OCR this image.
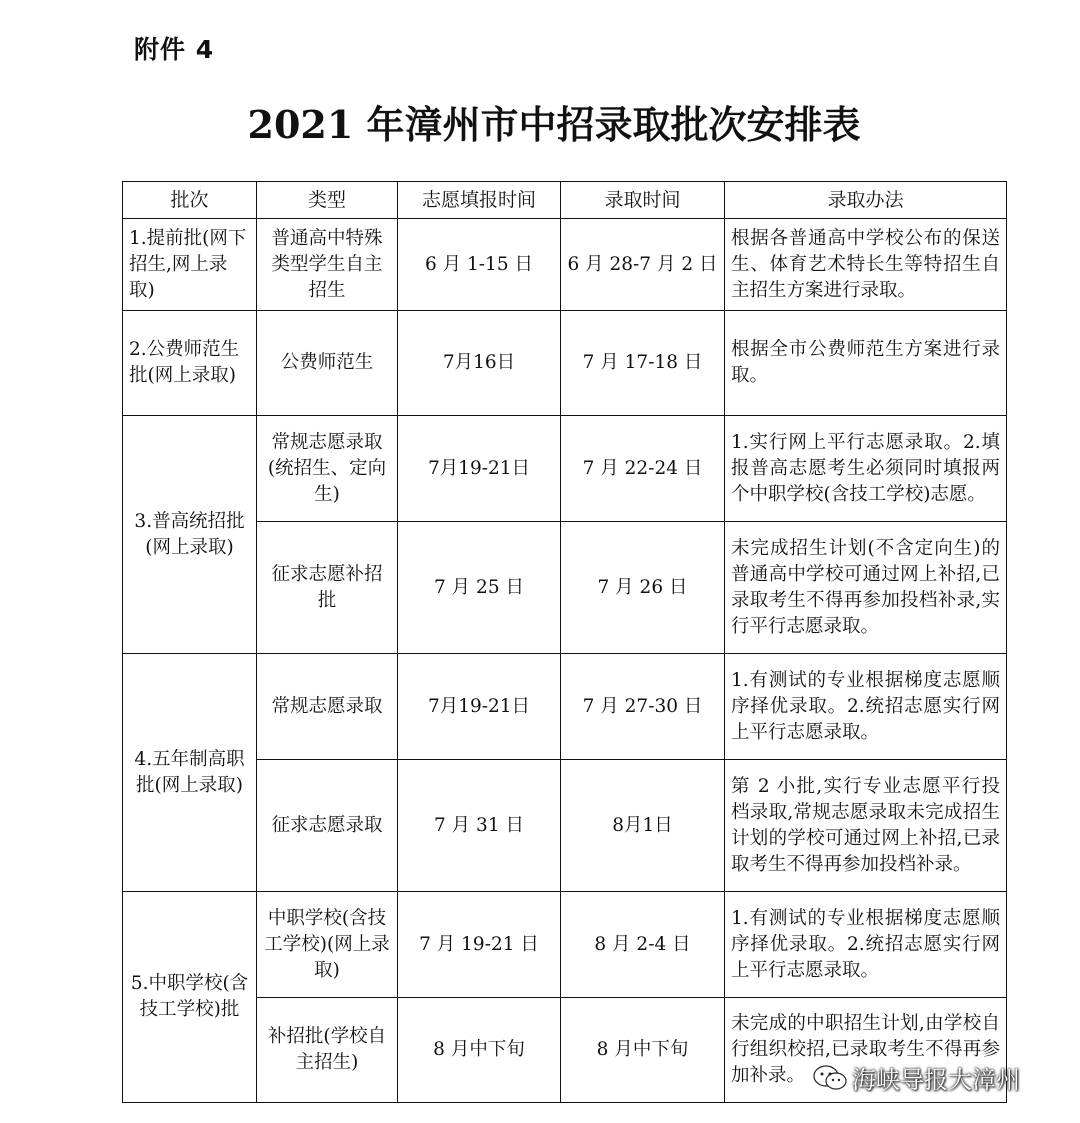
附件 4
2021 年漳州市中招录取批次安排表
批次	类型	志愿填报时间	录取时间	录取办法
1.提前批(网下招生,网上录取)	普通高中特殊类型学生自主招生	6 月 1-15 日	6 月 28-7 月 2 日	根据各普通高中学校公布的保送生、体育艺术特长生等特招生自主招生方案进行录取。
2.公费师范生批(网上录取)	公费师范生	7月16日	7 月 17-18 日	根据全市公费师范生方案进行录取。
3.普高统招批(网上录取)	常规志愿录取(统招生、定向生)	7月19-21日	7 月 22-24 日	1.实行网上平行志愿录取。2.填报普高志愿考生必须同时填报两个中职学校(含技工学校)志愿。
	征求志愿补招批	7 月 25 日	7 月 26 日	未完成招生计划(不含定向生)的普通高中学校可通过网上补招,已录取考生不得再参加投档补录,实行平行志愿录取。
4.五年制高职批(网上录取)	常规志愿录取	7月19-21日	7 月 27-30 日	1.有测试的专业根据梯度志愿顺序择优录取。2.统招志愿实行网上平行志愿录取。
	征求志愿录取	7 月 31 日	8月1日	第 2 小批,实行专业志愿平行投档录取,常规志愿录取未完成招生计划的学校可通过网上补招,已录取考生不得再参加投档补录。
5.中职学校(含技工学校)批	中职学校(含技工学校)(网上录取)	7 月 19-21 日	8 月 2-4 日	1.有测试的专业根据梯度志愿顺序择优录取。2.统招志愿实行网上平行志愿录取。
	补招批(学校自主招生)	8 月中下旬	8 月中下旬	未完成的中职招生计划,由学校自行组织校招,已录取考生不得再参加补录。	海峡导报大漳州
